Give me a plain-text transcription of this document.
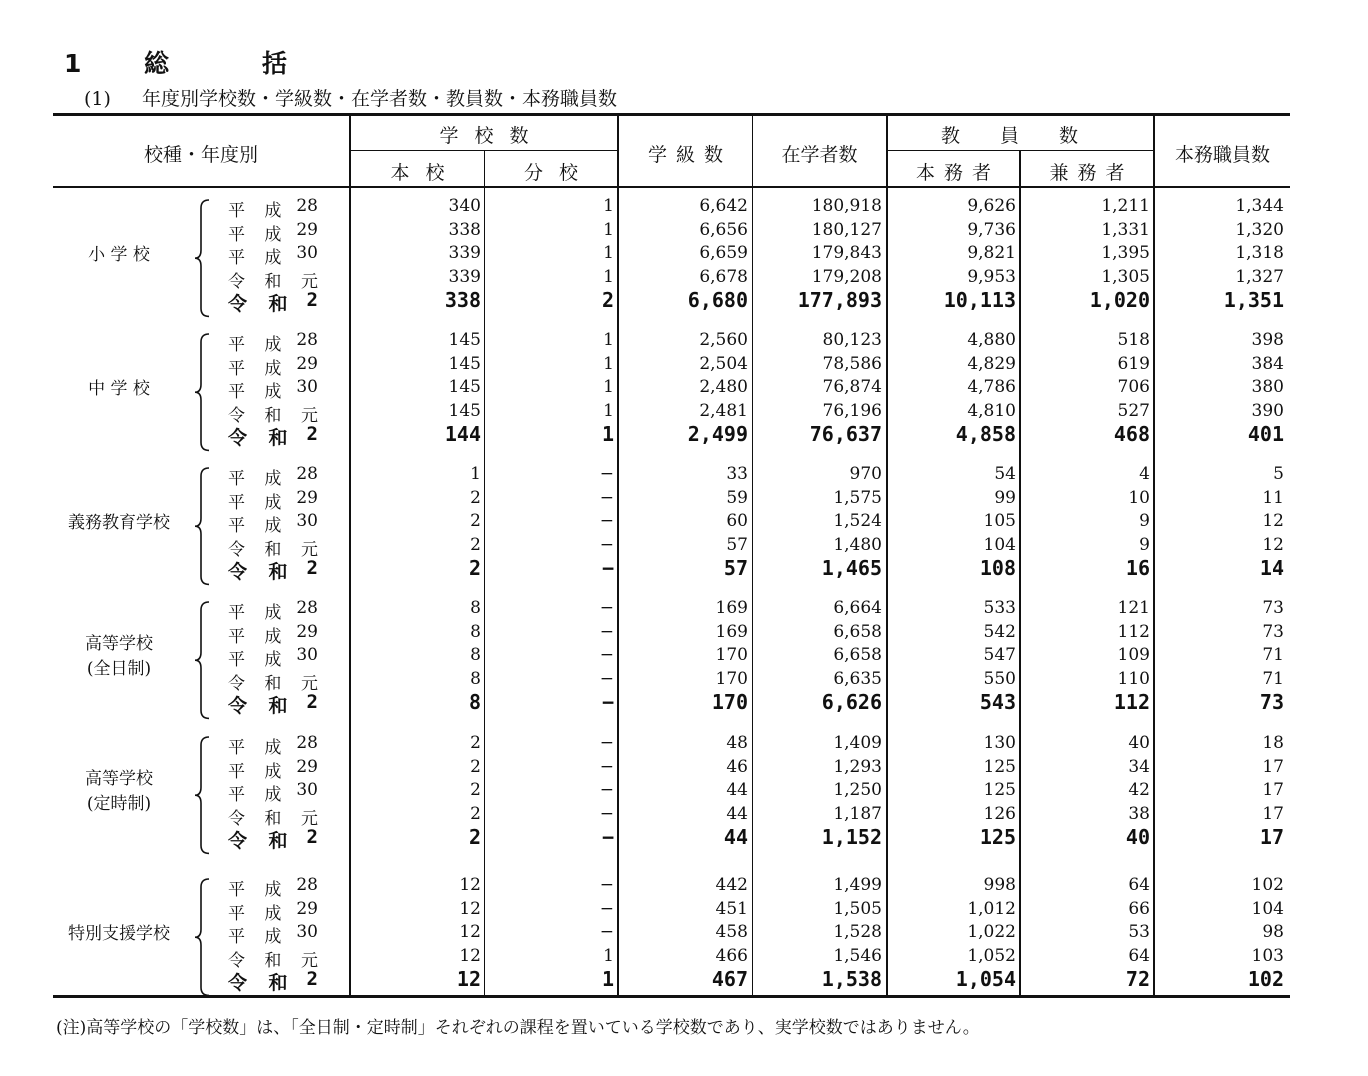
1	総	括
(1) 年度別学校数・学級数・在学者数・教員数・本務職員数
校種・年度別
学校数
本校	分校
学級数	在学者数
教員数
本務者	兼務者
本務職員数
小 学 校
平 成 28	340	1	6,642	180,918	9,626	1,211	1,344
平 成 29	338	1	6,656	180,127	9,736	1,331	1,320
平 成 30	339	1	6,659	179,843	9,821	1,395	1,318
令 和 元	339	1	6,678	179,208	9,953	1,305	1,327
令 和 2	338	2	6,680	177,893	10,113	1,020	1,351
中 学 校
平 成 28	145	1	2,560	80,123	4,880	518	398
平 成 29	145	1	2,504	78,586	4,829	619	384
平 成 30	145	1	2,480	76,874	4,786	706	380
令 和 元	145	1	2,481	76,196	4,810	527	390
令 和 2	144	1	2,499	76,637	4,858	468	401
義務教育学校
平 成 28	1	−	33	970	54	4	5
平 成 29	2	−	59	1,575	99	10	11
平 成 30	2	−	60	1,524	105	9	12
令 和 元	2	−	57	1,480	104	9	12
令 和 2	2	−	57	1,465	108	16	14
高等学校
(全日制)
平 成 28	8	−	169	6,664	533	121	73
平 成 29	8	−	169	6,658	542	112	73
平 成 30	8	−	170	6,658	547	109	71
令 和 元	8	−	170	6,635	550	110	71
令 和 2	8	−	170	6,626	543	112	73
高等学校
(定時制)
平 成 28	2	−	48	1,409	130	40	18
平 成 29	2	−	46	1,293	125	34	17
平 成 30	2	−	44	1,250	125	42	17
令 和 元	2	−	44	1,187	126	38	17
令 和 2	2	−	44	1,152	125	40	17
特別支援学校
平 成 28	12	−	442	1,499	998	64	102
平 成 29	12	−	451	1,505	1,012	66	104
平 成 30	12	−	458	1,528	1,022	53	98
令 和 元	12	1	466	1,546	1,052	64	103
令 和 2	12	1	467	1,538	1,054	72	102
(注)高等学校の「学校数」は、「全日制・定時制」それぞれの課程を置いている学校数であり、実学校数ではありません。
